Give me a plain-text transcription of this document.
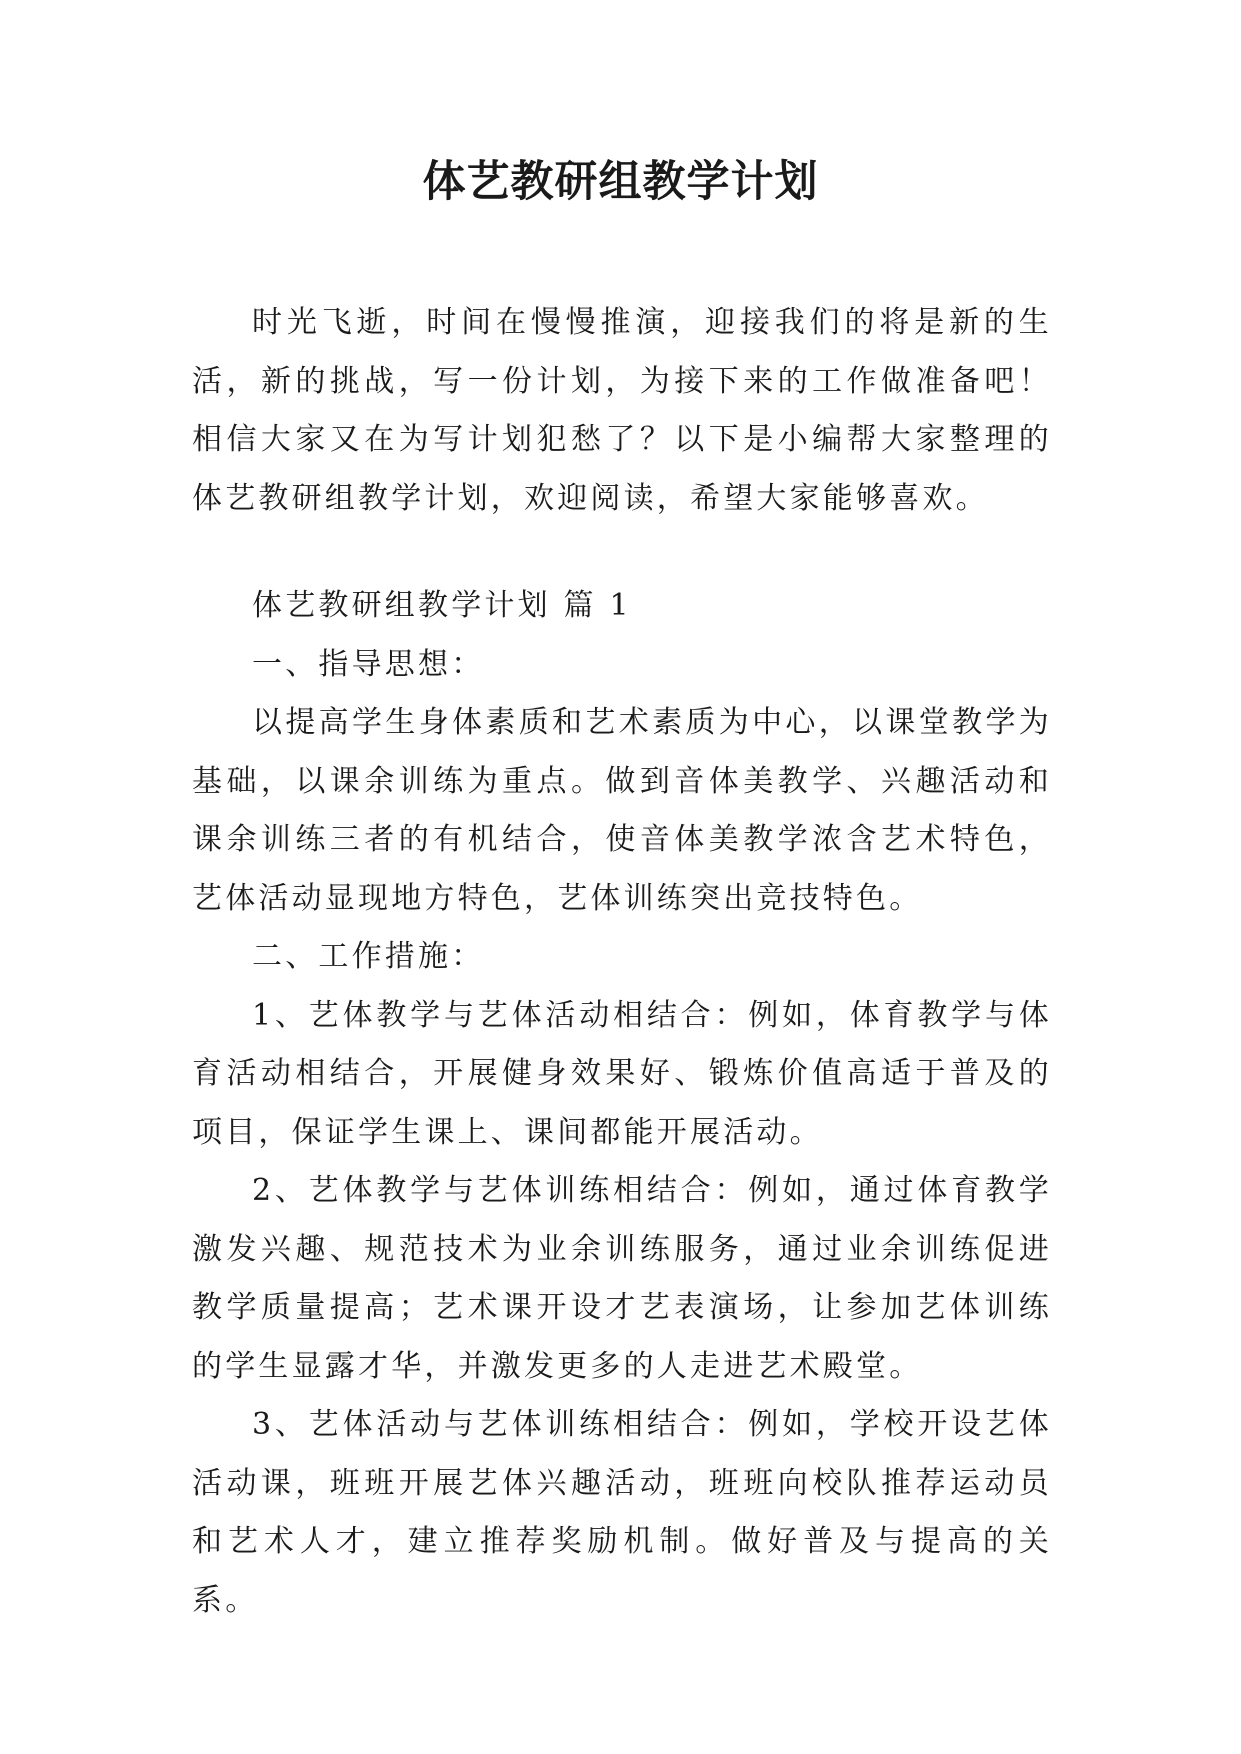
体艺教研组教学计划

时光飞逝，时间在慢慢推演，迎接我们的将是新的生活，新的挑战，写一份计划，为接下来的工作做准备吧！相信大家又在为写计划犯愁了？以下是小编帮大家整理的体艺教研组教学计划，欢迎阅读，希望大家能够喜欢。

体艺教研组教学计划 篇 1

一、指导思想：

以提高学生身体素质和艺术素质为中心，以课堂教学为基础，以课余训练为重点。做到音体美教学、兴趣活动和课余训练三者的有机结合，使音体美教学浓含艺术特色，艺体活动显现地方特色，艺体训练突出竞技特色。

二、工作措施：

1、艺体教学与艺体活动相结合：例如，体育教学与体育活动相结合，开展健身效果好、锻炼价值高适于普及的项目，保证学生课上、课间都能开展活动。

2、艺体教学与艺体训练相结合：例如，通过体育教学激发兴趣、规范技术为业余训练服务，通过业余训练促进教学质量提高；艺术课开设才艺表演场，让参加艺体训练的学生显露才华，并激发更多的人走进艺术殿堂。

3、艺体活动与艺体训练相结合：例如，学校开设艺体活动课，班班开展艺体兴趣活动，班班向校队推荐运动员和艺术人才，建立推荐奖励机制。做好普及与提高的关系。
